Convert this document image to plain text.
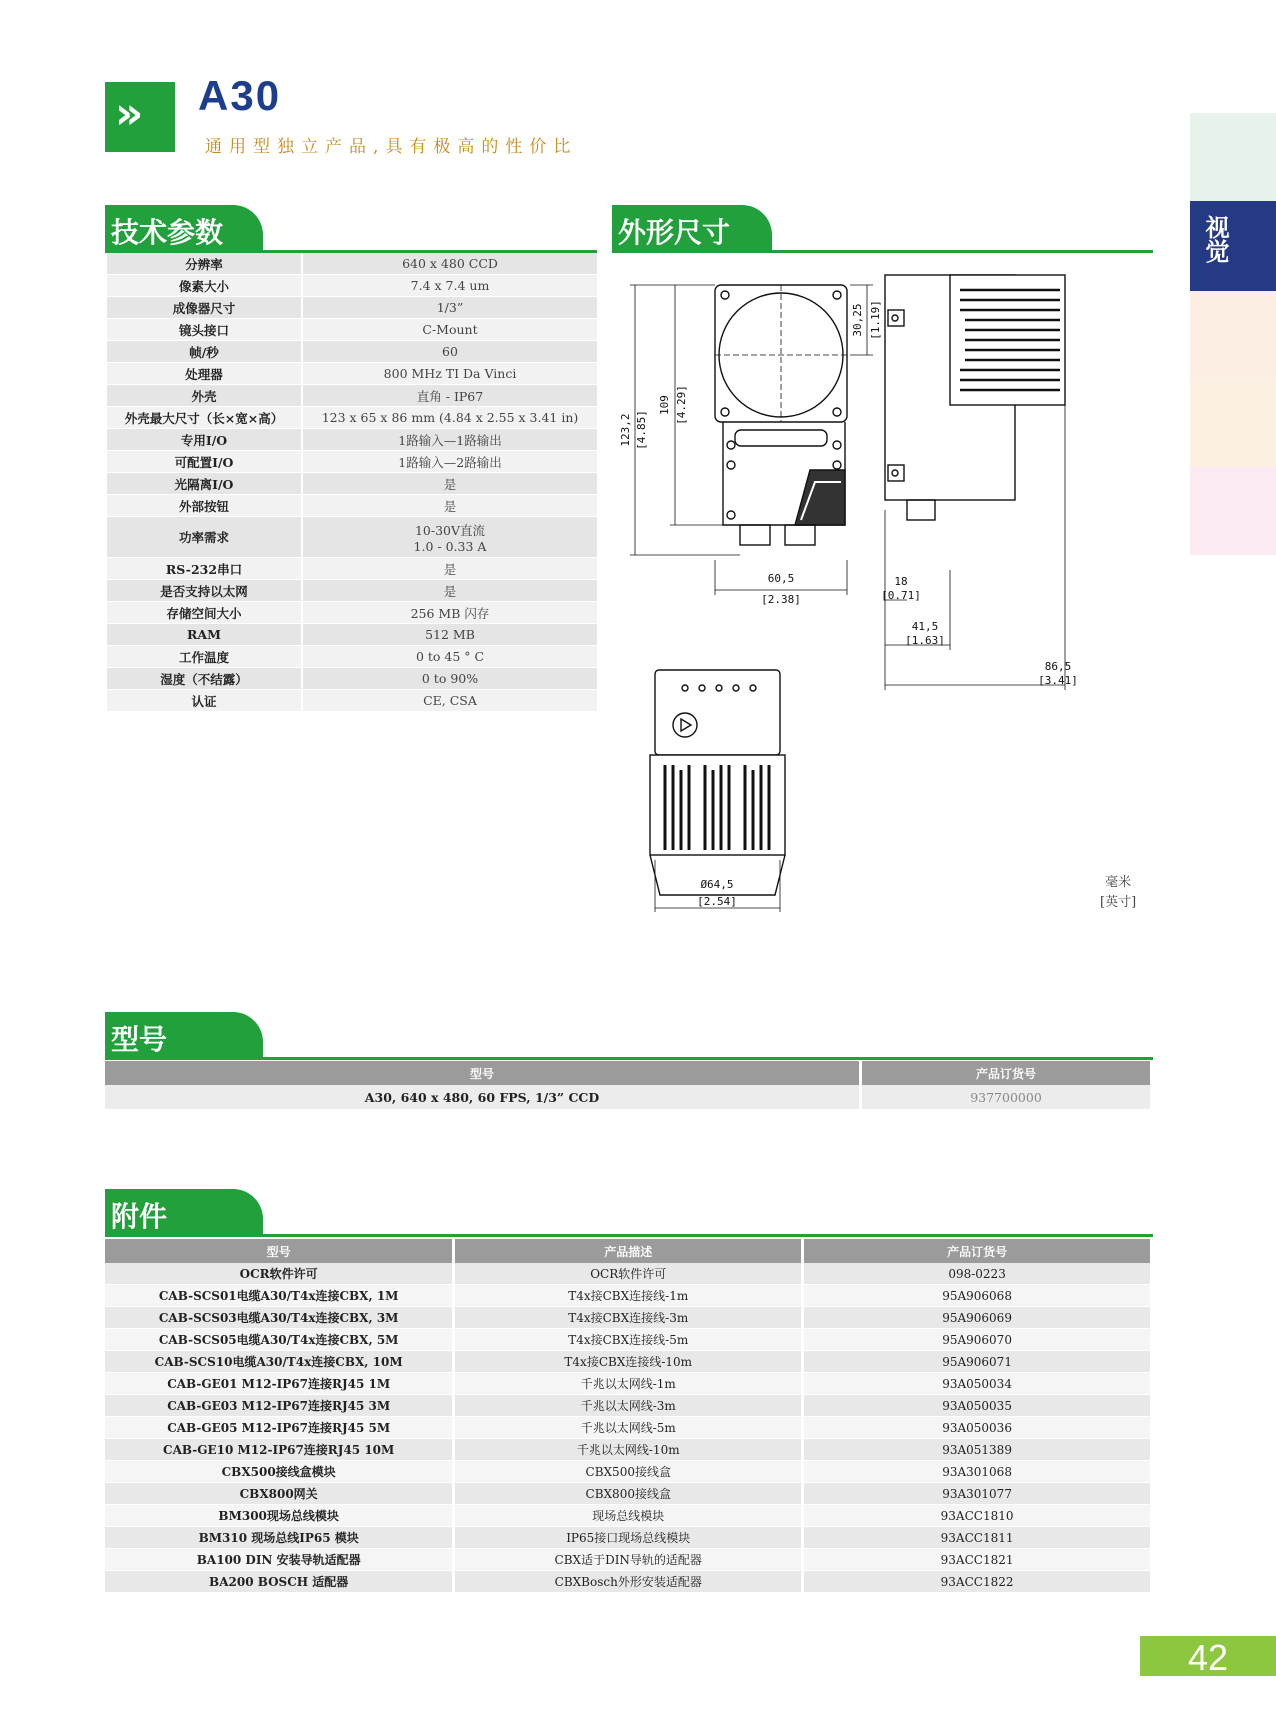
» A30
通用型独立产品,具有极高的性价比
视觉
技术参数	外形尺寸
分辨率	640 x 480 CCD
像素大小	7.4 x 7.4 um
成像器尺寸	1/3”
镜头接口	C-Mount
帧/秒	60
处理器	800 MHz TI Da Vinci
外壳	直角 - IP67
外壳最大尺寸（长×宽×高）	123 x 65 x 86 mm (4.84 x 2.55 x 3.41 in)
专用I/O	1路输入—1路输出
可配置I/O	1路输入—2路输出
光隔离I/O	是
外部按钮	是
功率需求	10-30V直流
1.0 - 0.33 A

RS-232串口	是
是否支持以太网	是
存储空间大小	256 MB 闪存
RAM	512 MB
工作温度	0 to 45 ° C
湿度（不结露）	0 to 90%
认证	CE, CSA
123,2 [4.85]
109 [4.29]
30,25 [1.19]
60,5
[2.38]
18
[0.71]
41,5
[1.63]
86,5
[3.41]
Ø64,5
[2.54]
毫米
[英寸]
型号
型号	产品订货号
A30, 640 x 480, 60 FPS, 1/3” CCD	937700000
附件
型号	产品描述	产品订货号
OCR软件许可	OCR软件许可	098-0223
CAB-SCS01电缆A30/T4x连接CBX, 1M	T4x接CBX连接线-1m	95A906068
CAB-SCS03电缆A30/T4x连接CBX, 3M	T4x接CBX连接线-3m	95A906069
CAB-SCS05电缆A30/T4x连接CBX, 5M	T4x接CBX连接线-5m	95A906070
CAB-SCS10电缆A30/T4x连接CBX, 10M	T4x接CBX连接线-10m	95A906071
CAB-GE01 M12-IP67连接RJ45 1M	千兆以太网线-1m	93A050034
CAB-GE03 M12-IP67连接RJ45 3M	千兆以太网线-3m	93A050035
CAB-GE05 M12-IP67连接RJ45 5M	千兆以太网线-5m	93A050036
CAB-GE10 M12-IP67连接RJ45 10M	千兆以太网线-10m	93A051389
CBX500接线盒模块	CBX500接线盒	93A301068
CBX800网关	CBX800接线盒	93A301077
BM300现场总线模块	现场总线模块	93ACC1810
BM310 现场总线IP65 模块	IP65接口现场总线模块	93ACC1811
BA100 DIN 安装导轨适配器	CBX适于DIN导轨的适配器	93ACC1821
BA200 BOSCH 适配器	CBXBosch外形安装适配器	93ACC1822
42
